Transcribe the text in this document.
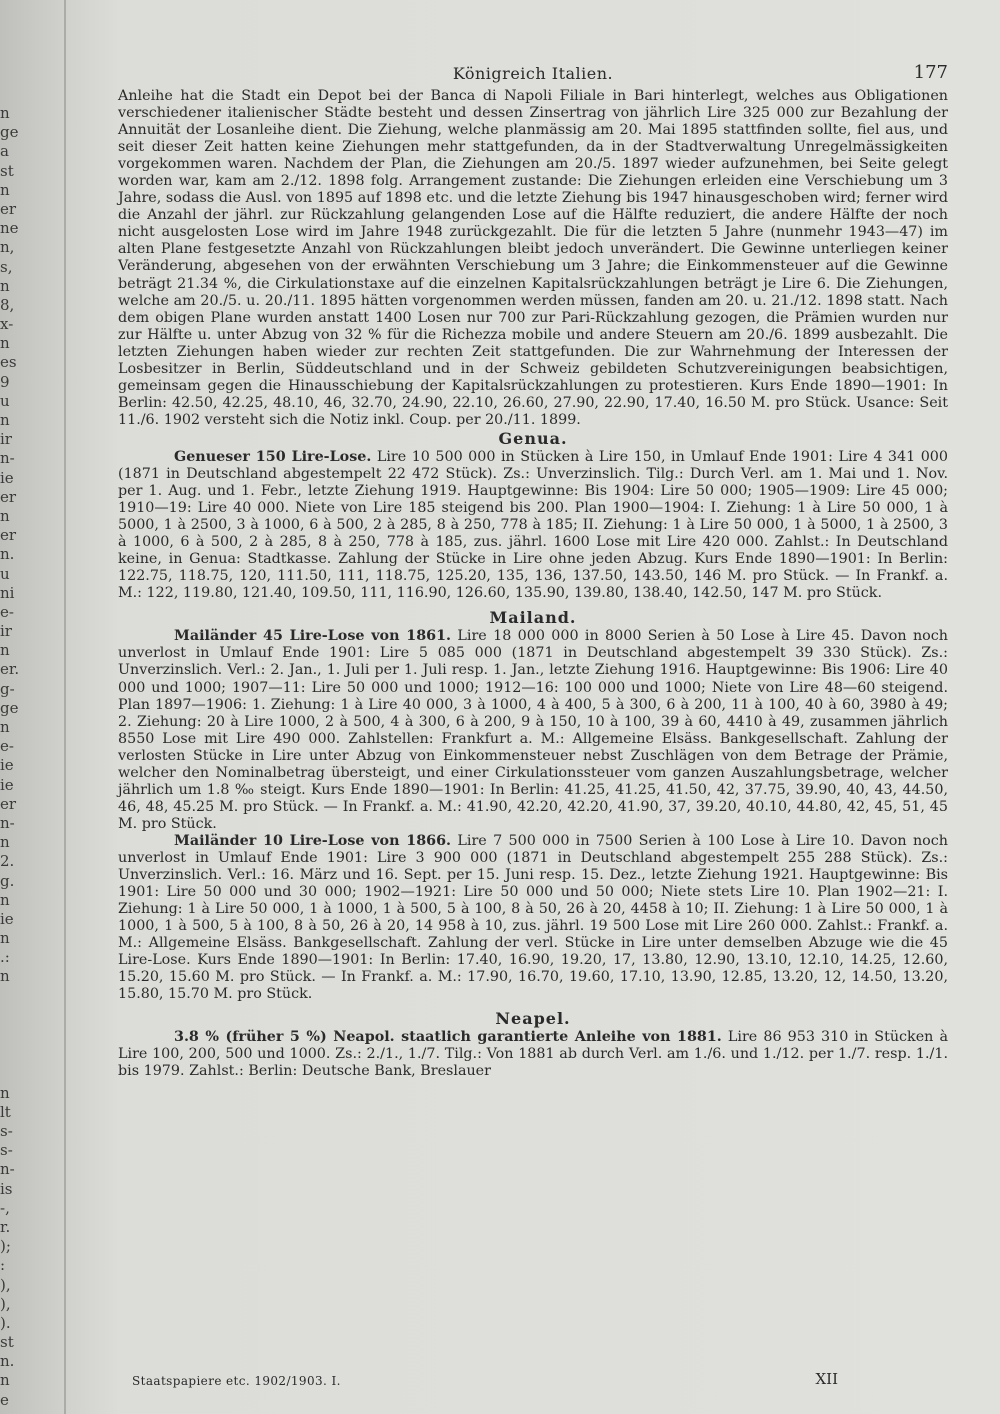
n
ge
a
st
n
er
ne
n,
s,
n
8,
x-
n
es
9
u
n
ir
n-
ie
er
n
er
n.
u
ni
e-
ir
n
er.
g-
ge
n
e-
ie
ie
er
n-
n
2.
g.
n
ie
n
.:
n
n
lt
s-
s-
n-
is
-,
r.
);
:
),
),
).
st
n.
n
e
Königreich Italien.	177

Anleihe hat die Stadt ein Depot bei der Banca di Napoli Filiale in Bari hinterlegt, welches aus Obligationen verschiedener italienischer Städte besteht und dessen Zinsertrag von jährlich Lire 325 000 zur Bezahlung der Annuität der Losanleihe dient. Die Ziehung, welche planmässig am 20. Mai 1895 stattfinden sollte, fiel aus, und seit dieser Zeit hatten keine Ziehungen mehr stattgefunden, da in der Stadtverwaltung Unregelmässigkeiten vorgekommen waren. Nachdem der Plan, die Ziehungen am 20./5. 1897 wieder aufzunehmen, bei Seite gelegt worden war, kam am 2./12. 1898 folg. Arrangement zustande: Die Ziehungen erleiden eine Verschiebung um 3 Jahre, sodass die Ausl. von 1895 auf 1898 etc. und die letzte Ziehung bis 1947 hinausgeschoben wird; ferner wird die Anzahl der jährl. zur Rückzahlung gelangenden Lose auf die Hälfte reduziert, die andere Hälfte der noch nicht ausgelosten Lose wird im Jahre 1948 zurückgezahlt. Die für die letzten 5 Jahre (nunmehr 1943—47) im alten Plane festgesetzte Anzahl von Rückzahlungen bleibt jedoch unverändert. Die Gewinne unterliegen keiner Veränderung, abgesehen von der erwähnten Verschiebung um 3 Jahre; die Einkommensteuer auf die Gewinne beträgt 21.34 %, die Cirkulationstaxe auf die einzelnen Kapitalsrückzahlungen beträgt je Lire 6. Die Ziehungen, welche am 20./5. u. 20./11. 1895 hätten vorgenommen werden müssen, fanden am 20. u. 21./12. 1898 statt. Nach dem obigen Plane wurden anstatt 1400 Losen nur 700 zur Pari-Rückzahlung gezogen, die Prämien wurden nur zur Hälfte u. unter Abzug von 32 % für die Richezza mobile und andere Steuern am 20./6. 1899 ausbezahlt. Die letzten Ziehungen haben wieder zur rechten Zeit stattgefunden. Die zur Wahrnehmung der Interessen der Losbesitzer in Berlin, Süddeutschland und in der Schweiz gebildeten Schutzvereinigungen beabsichtigen, gemeinsam gegen die Hinausschiebung der Kapitalsrückzahlungen zu protestieren. Kurs Ende 1890—1901: In Berlin: 42.50, 42.25, 48.10, 46, 32.70, 24.90, 22.10, 26.60, 27.90, 22.90, 17.40, 16.50 M. pro Stück. Usance: Seit 11./6. 1902 versteht sich die Notiz inkl. Coup. per 20./11. 1899.

Genua.

Genueser 150 Lire-Lose. Lire 10 500 000 in Stücken à Lire 150, in Umlauf Ende 1901: Lire 4 341 000 (1871 in Deutschland abgestempelt 22 472 Stück). Zs.: Unverzinslich. Tilg.: Durch Verl. am 1. Mai und 1. Nov. per 1. Aug. und 1. Febr., letzte Ziehung 1919. Hauptgewinne: Bis 1904: Lire 50 000; 1905—1909: Lire 45 000; 1910—19: Lire 40 000. Niete von Lire 185 steigend bis 200. Plan 1900—1904: I. Ziehung: 1 à Lire 50 000, 1 à 5000, 1 à 2500, 3 à 1000, 6 à 500, 2 à 285, 8 à 250, 778 à 185; II. Ziehung: 1 à Lire 50 000, 1 à 5000, 1 à 2500, 3 à 1000, 6 à 500, 2 à 285, 8 à 250, 778 à 185, zus. jährl. 1600 Lose mit Lire 420 000. Zahlst.: In Deutschland keine, in Genua: Stadtkasse. Zahlung der Stücke in Lire ohne jeden Abzug. Kurs Ende 1890—1901: In Berlin: 122.75, 118.75, 120, 111.50, 111, 118.75, 125.20, 135, 136, 137.50, 143.50, 146 M. pro Stück. — In Frankf. a. M.: 122, 119.80, 121.40, 109.50, 111, 116.90, 126.60, 135.90, 139.80, 138.40, 142.50, 147 M. pro Stück.

Mailand.

Mailänder 45 Lire-Lose von 1861. Lire 18 000 000 in 8000 Serien à 50 Lose à Lire 45. Davon noch unverlost in Umlauf Ende 1901: Lire 5 085 000 (1871 in Deutschland abgestempelt 39 330 Stück). Zs.: Unverzinslich. Verl.: 2. Jan., 1. Juli per 1. Juli resp. 1. Jan., letzte Ziehung 1916. Hauptgewinne: Bis 1906: Lire 40 000 und 1000; 1907—11: Lire 50 000 und 1000; 1912—16: 100 000 und 1000; Niete von Lire 48—60 steigend. Plan 1897—1906: 1. Ziehung: 1 à Lire 40 000, 3 à 1000, 4 à 400, 5 à 300, 6 à 200, 11 à 100, 40 à 60, 3980 à 49; 2. Ziehung: 20 à Lire 1000, 2 à 500, 4 à 300, 6 à 200, 9 à 150, 10 à 100, 39 à 60, 4410 à 49, zusammen jährlich 8550 Lose mit Lire 490 000. Zahlstellen: Frankfurt a. M.: Allgemeine Elsäss. Bankgesellschaft. Zahlung der verlosten Stücke in Lire unter Abzug von Einkommensteuer nebst Zuschlägen von dem Betrage der Prämie, welcher den Nominalbetrag übersteigt, und einer Cirkulationssteuer vom ganzen Auszahlungsbetrage, welcher jährlich um 1.8 ‰ steigt. Kurs Ende 1890—1901: In Berlin: 41.25, 41.25, 41.50, 42, 37.75, 39.90, 40, 43, 44.50, 46, 48, 45.25 M. pro Stück. — In Frankf. a. M.: 41.90, 42.20, 42.20, 41.90, 37, 39.20, 40.10, 44.80, 42, 45, 51, 45 M. pro Stück.

Mailänder 10 Lire-Lose von 1866. Lire 7 500 000 in 7500 Serien à 100 Lose à Lire 10. Davon noch unverlost in Umlauf Ende 1901: Lire 3 900 000 (1871 in Deutschland abgestempelt 255 288 Stück). Zs.: Unverzinslich. Verl.: 16. März und 16. Sept. per 15. Juni resp. 15. Dez., letzte Ziehung 1921. Hauptgewinne: Bis 1901: Lire 50 000 und 30 000; 1902—1921: Lire 50 000 und 50 000; Niete stets Lire 10. Plan 1902—21: I. Ziehung: 1 à Lire 50 000, 1 à 1000, 1 à 500, 5 à 100, 8 à 50, 26 à 20, 4458 à 10; II. Ziehung: 1 à Lire 50 000, 1 à 1000, 1 à 500, 5 à 100, 8 à 50, 26 à 20, 14 958 à 10, zus. jährl. 19 500 Lose mit Lire 260 000. Zahlst.: Frankf. a. M.: Allgemeine Elsäss. Bankgesellschaft. Zahlung der verl. Stücke in Lire unter demselben Abzuge wie die 45 Lire-Lose. Kurs Ende 1890—1901: In Berlin: 17.40, 16.90, 19.20, 17, 13.80, 12.90, 13.10, 12.10, 14.25, 12.60, 15.20, 15.60 M. pro Stück. — In Frankf. a. M.: 17.90, 16.70, 19.60, 17.10, 13.90, 12.85, 13.20, 12, 14.50, 13.20, 15.80, 15.70 M. pro Stück.

Neapel.

3.8 % (früher 5 %) Neapol. staatlich garantierte Anleihe von 1881. Lire 86 953 310 in Stücken à Lire 100, 200, 500 und 1000. Zs.: 2./1., 1./7. Tilg.: Von 1881 ab durch Verl. am 1./6. und 1./12. per 1./7. resp. 1./1. bis 1979. Zahlst.: Berlin: Deutsche Bank, Breslauer

Staatspapiere etc. 1902/1903. I.	XII
